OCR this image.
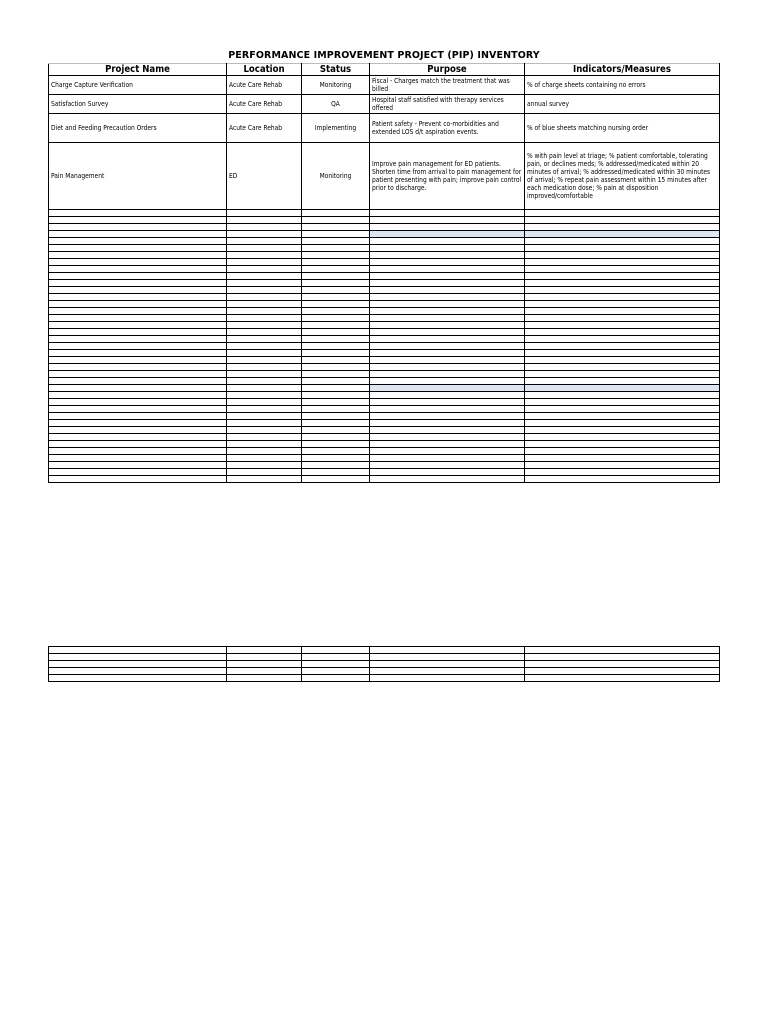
PERFORMANCE IMPROVEMENT PROJECT (PIP) INVENTORY
Project Name	Location	Status	Purpose	Indicators/Measures
Charge Capture Verification	Acute Care Rehab	Monitoring	Fiscal - Charges match the treatment that was billed	% of charge sheets containing no errors
Satisfaction Survey	Acute Care Rehab	QA	Hospital staff satisfied with therapy services offered	annual survey
Diet and Feeding Precaution Orders	Acute Care Rehab	Implementing	Patient safety - Prevent co-morbidities and extended LOS d/t aspiration events.	% of blue sheets matching nursing order
Pain Management	ED	Monitoring	Improve pain management for ED patients. Shorten time from arrival to pain management for patient presenting with pain; improve pain control prior to discharge.	% with pain level at triage; % patient comfortable, tolerating pain, or declines meds; % addressed/medicated within 20 minutes of arrival; % addressed/medicated within 30 minutes of arrival; % repeat pain assessment within 15 minutes after each medication dose; % pain at disposition improved/comfortable
